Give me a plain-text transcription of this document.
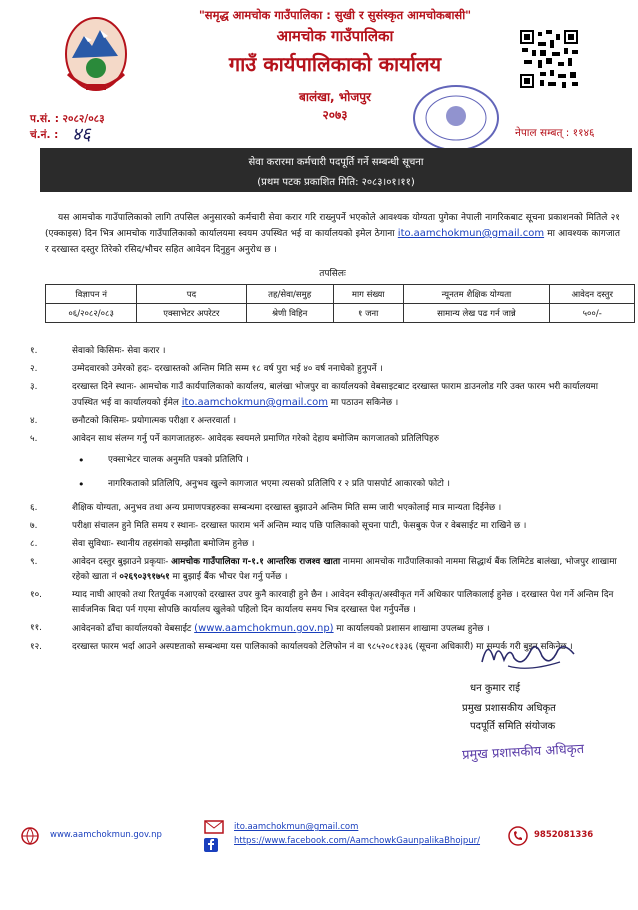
"समृद्ध आमचोक गाउँपालिका : सुखी र सुसंस्कृत आमचोकबासी"
आमचोक गाउँपालिका
गाउँ कार्यपालिकाको कार्यालय
बालंखा, भोजपुर
२०७३
प.सं. : २०८२/०८३
चं.नं. : ४६	नेपाल सम्बत् : ११४६
सेवा करारमा कर्मचारी पदपूर्ति गर्ने सम्बन्धी सूचना
(प्रथम पटक प्रकाशित मिति: २०८३।०१।११)
यस आमचोक गाउँपालिकाको लागि तपसिल अनुसारको कर्मचारी सेवा करार गरि राख्नुपर्ने भएकोले आवश्यक योग्यता पुगेका नेपाली नागरिकबाट सूचना प्रकाशनको मितिले २१ (एक्काइस) दिन भित्र आमचोक गाउँपालिकाको कार्यालयमा स्वयम उपस्थित भई वा कार्यालयको इमेल ठेगाना ito.aamchokmun@gmail.com मा आवश्यक कागजात र दरखास्त दस्तुर तिरेको रसिद/भौचर सहित आवेदन दिनुहुन अनुरोध छ ।
तपसिलः
विज्ञापन नं	पद	तह/सेवा/समुह	माग संख्या	न्यूनतम शैक्षिक योग्यता	आवेदन दस्तुर
०६/२०८२/०८३	एक्साभेटर अपरेटर	श्रेणी विहिन	१ जना	सामान्य लेख पढ गर्न जान्ने	५००/-
१.	सेवाको किसिमः- सेवा करार ।
२.	उम्मेदवारको उमेरको हदः- दरखास्तको अन्तिम मिति सम्म १८ वर्ष पुरा भई ४० वर्ष ननाघेको हुनुपर्ने ।
३.	दरखास्त दिने स्थानः- आमचोक गाउँ कार्यपालिकाको कार्यालय, बालंखा भोजपुर वा कार्यालयको वेबसाइटबाट दरखास्त फाराम डाउनलोड गरि उक्त फारम भरी कार्यालयमा उपस्थित भई वा कार्यालयको ईमेल ito.aamchokmun@gmail.com मा पठाउन सकिनेछ ।
४.	छनौटको किसिमः- प्रयोगात्मक परीक्षा र अन्तरवार्ता ।
५.	आवेदन साथ संलग्न गर्नु पर्ने कागजातहरुः- आवेदक स्वयमले प्रमाणित गरेको देहाय बमोजिम कागजातको प्रतिलिपिहरु
•	एक्साभेटर चालक अनुमति पत्रको प्रतिलिपि ।
•	नागरिकताको प्रतिलिपि, अनुभव खुल्ने कागजात भएमा त्यसको प्रतिलिपि र २ प्रति पासपोर्ट आकारको फोटो ।
६.	शैक्षिक योग्यता, अनुभव तथा अन्य प्रमाणपत्रहरुका सम्बन्धमा दरखास्त बुझाउने अन्तिम मिति सम्म जारी भएकोलाई मात्र मान्यता दिईनेछ ।
७.	परीक्षा संचालन हुने मिति समय र स्थानः- दरखास्त फाराम भर्ने अन्तिम म्याद पछि पालिकाको सूचना पाटी, फेसबुक पेज र वेबसाईट मा राखिने छ ।
८.	सेवा सुविधाः- स्थानीय तहसंगको सम्झौता बमोजिम हुनेछ ।
९.	आवेदन दस्तुर बुझाउने प्रकृयाः- आमचोक गाउँपालिका ग-१.१ आन्तरिक राजश्व खाता नाममा आमचोक गाउँपालिकाको नाममा सिद्धार्थ बैंक लिमिटेड बालंखा, भोजपुर शाखामा रहेको खाता नं ०२६९०३९१७५१ मा बुझाई बैंक भौचर पेश गर्नु पर्नेछ ।
१०.	म्याद नाघी आएको तथा रितपूर्वक नआएको दरखास्त उपर कुनै कारवाही हुने छैन । आवेदन स्वीकृत/अस्वीकृत गर्ने अधिकार पालिकालाई हुनेछ । दरखास्त पेश गर्ने अन्तिम दिन सार्वजनिक बिदा पर्न गएमा सोपछि कार्यालय खुलेको पहिलो दिन कार्यालय समय भित्र दरखास्त पेश गर्नुपर्नेछ ।
११.	आवेदनको ढाँचा कार्यालयको वेबसाईट (www.aamchokmun.gov.np) मा कार्यालयको प्रशासन शाखामा उपलब्ध हुनेछ ।
१२.	दरखास्त फारम भर्दा आउने अस्पष्टताको सम्बन्धमा यस पालिकाको कार्यालयको टेलिफोन नं वा ९८५२०८१३३६ (सूचना अधिकारी) मा सम्पर्क गरी बुझ्न सकिनेछ ।
धन कुमार राई
प्रमुख प्रशासकीय अधिकृत
पदपूर्ति समिति संयोजक
प्रमुख प्रशासकीय अधिकृत
www.aamchokmun.gov.np
ito.aamchokmun@gmail.com
https://www.facebook.com/AamchowkGaunpalikaBhojpur/
9852081336
